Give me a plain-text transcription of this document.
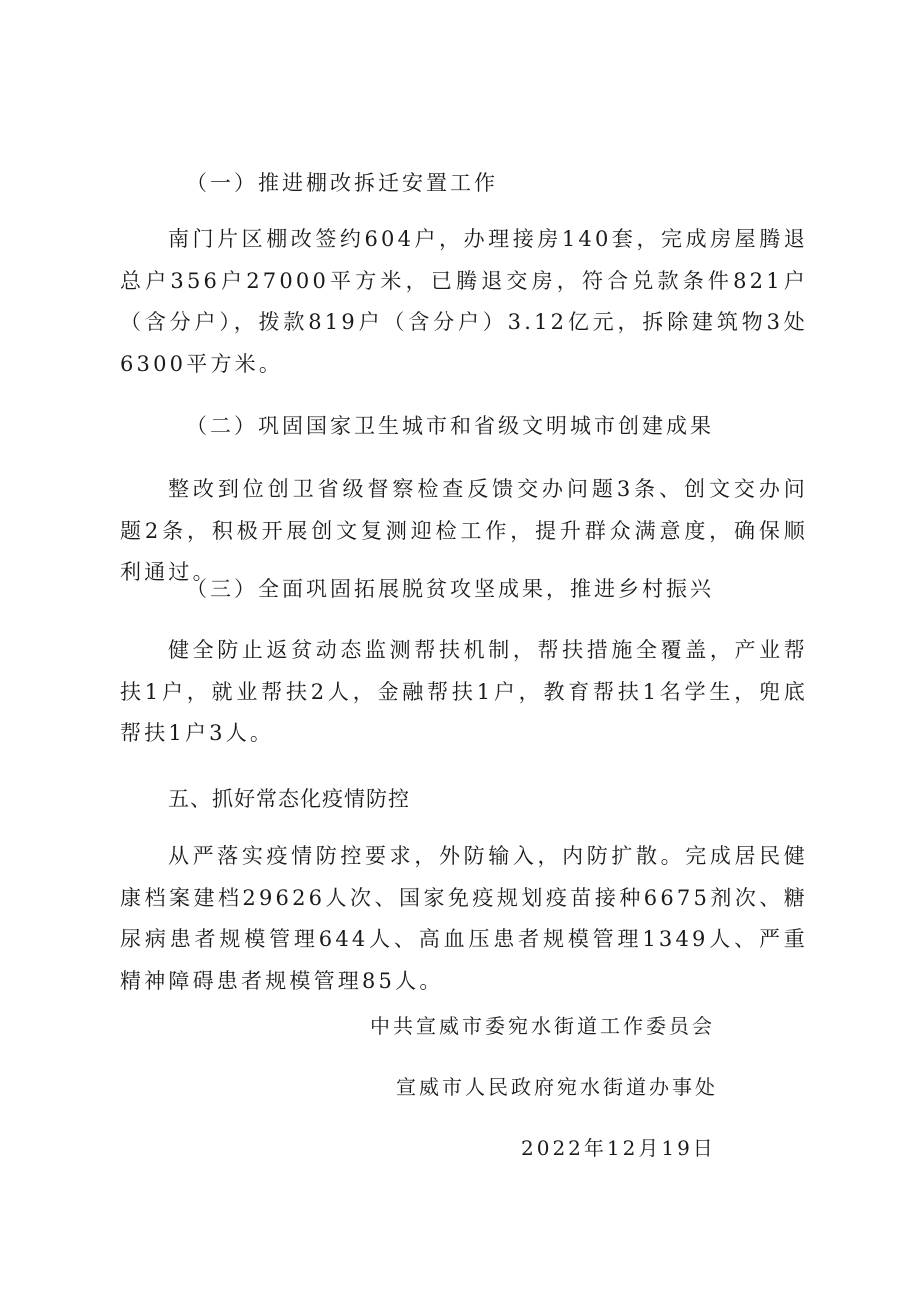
（一）推进棚改拆迁安置工作

南门片区棚改签约604户，办理接房140套，完成房屋腾退总户356户27000平方米，已腾退交房，符合兑款条件821户（含分户），拨款819户（含分户）3.12亿元，拆除建筑物3处6300平方米。

（二）巩固国家卫生城市和省级文明城市创建成果

整改到位创卫省级督察检查反馈交办问题3条、创文交办问题2条，积极开展创文复测迎检工作，提升群众满意度，确保顺利通过。

（三）全面巩固拓展脱贫攻坚成果，推进乡村振兴

健全防止返贫动态监测帮扶机制，帮扶措施全覆盖，产业帮扶1户，就业帮扶2人，金融帮扶1户，教育帮扶1名学生，兜底帮扶1户3人。

五、抓好常态化疫情防控

从严落实疫情防控要求，外防输入，内防扩散。完成居民健康档案建档29626人次、国家免疫规划疫苗接种6675剂次、糖尿病患者规模管理644人、高血压患者规模管理1349人、严重精神障碍患者规模管理85人。

中共宣威市委宛水街道工作委员会
宣威市人民政府宛水街道办事处
2022年12月19日
